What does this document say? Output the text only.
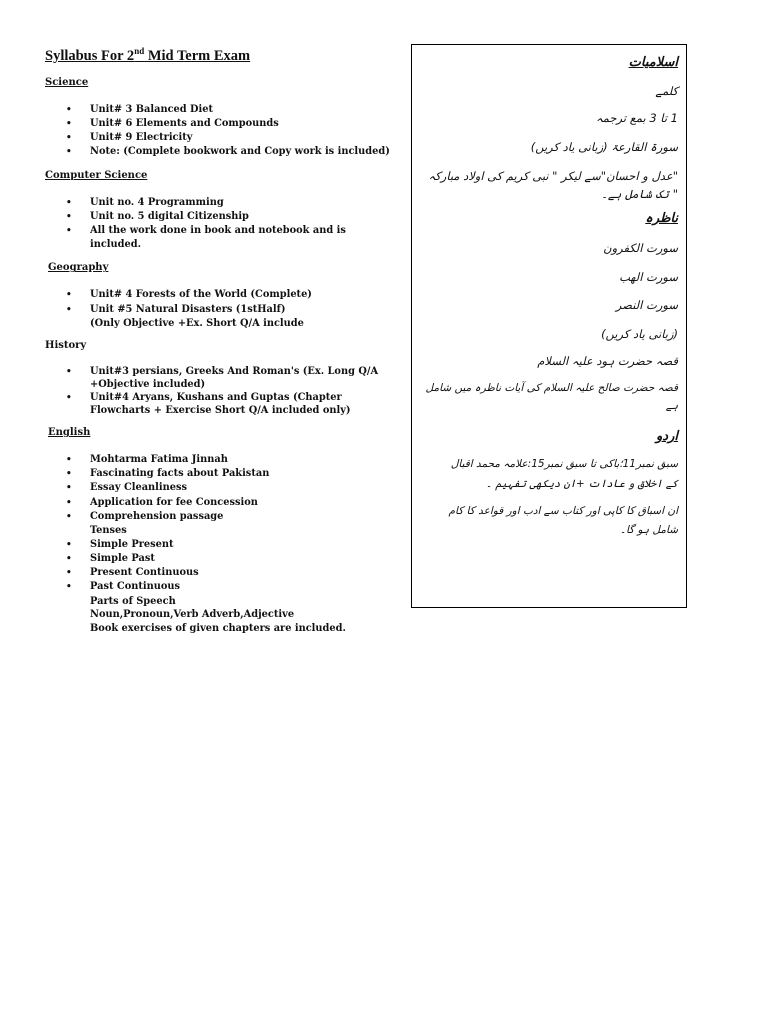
Syllabus For 2nd Mid Term Exam
Science
• Unit# 3 Balanced Diet
• Unit# 6 Elements and Compounds
• Unit# 9 Electricity
• Note: (Complete bookwork and Copy work is included)
Computer Science
• Unit no. 4 Programming
• Unit no. 5 digital Citizenship
• All the work done in book and notebook and is included.
Geography
• Unit# 4 Forests of the World (Complete)
• Unit #5 Natural Disasters (1stHalf)
(Only Objective +Ex. Short Q/A include
History
• Unit#3 persians, Greeks And Roman's (Ex. Long Q/A +Objective included)
• Unit#4 Aryans, Kushans and Guptas (Chapter Flowcharts + Exercise Short Q/A included only)
English
• Mohtarma Fatima Jinnah
• Fascinating facts about Pakistan
• Essay Cleanliness
• Application for fee Concession
• Comprehension passage
Tenses
• Simple Present
• Simple Past
• Present Continuous
• Past Continuous
Parts of Speech
Noun,Pronoun,Verb Adverb,Adjective
Book exercises of given chapters are included.
اسلامیات
کلمے
1 تا 3 بمع ترجمہ
سورۃ القارعۃ (زبانی یاد کریں)
"عدل و احسان"سے لیکر " نبی کریم کی اولاد مبارکہ
" تک شامل ہے۔
ناظرہ
سورت الکفرون
سورت الھب
سورت النصر
(زبانی یاد کریں)
قصہ حضرت ہود علیہ السلام
قصہ حضرت صالح علیہ السلام کی آیات ناظرہ میں شامل
ہے
اردو
سبق نمبر11؛باکی تا سبق نمبر15:علامہ محمد اقبال
کے اخلاق و عادات +ان دیکھی تفہیم ۔
ان اسباق کا کاپی اور کتاب سے ادب اور قواعد کا کام
شامل ہو گا۔
